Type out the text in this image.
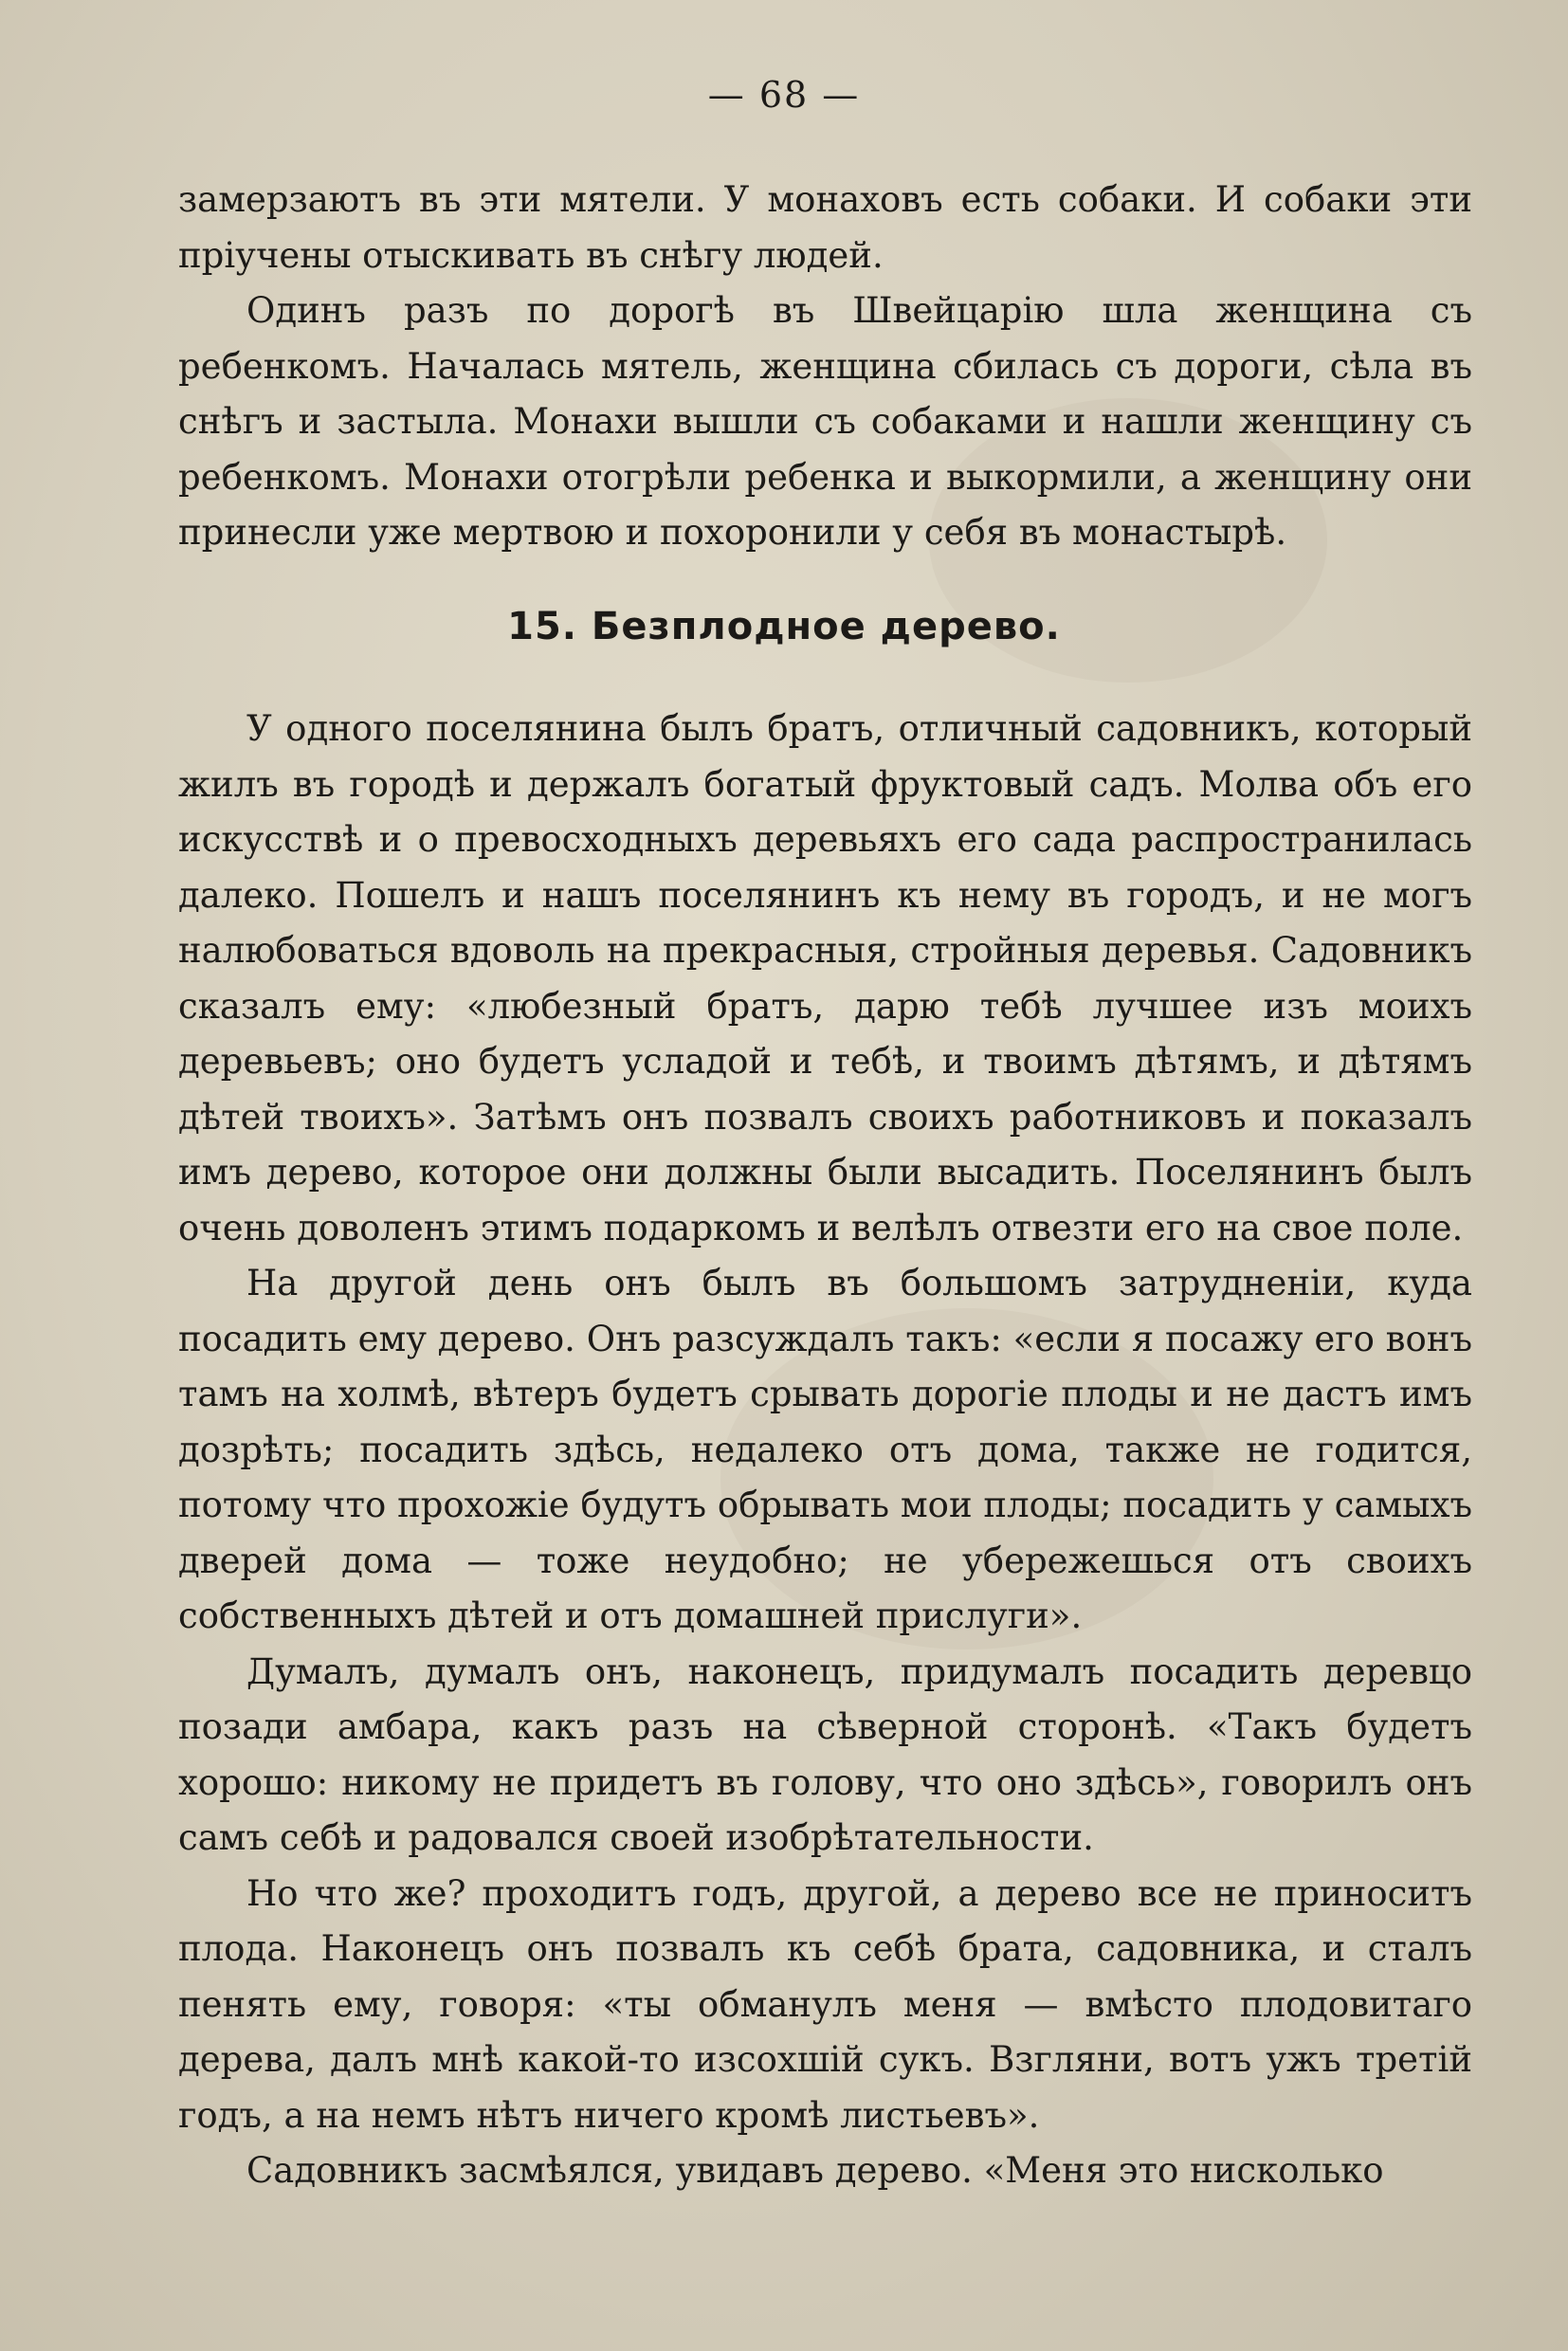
— 68 —

замерзаютъ въ эти мятели. У монаховъ есть собаки. И собаки эти пріучены отыскивать въ снѣгу людей.

Одинъ разъ по дорогѣ въ Швейцарію шла женщина съ ребенкомъ. Началась мятель, женщина сбилась съ дороги, сѣла въ снѣгъ и застыла. Монахи вышли съ собаками и нашли женщину съ ребенкомъ. Монахи отогрѣли ребенка и выкормили, а женщину они принесли уже мертвою и похоронили у себя въ монастырѣ.

15. Безплодное дерево.

У одного поселянина былъ братъ, отличный садовникъ, который жилъ въ городѣ и держалъ богатый фруктовый садъ. Молва объ его искусствѣ и о превосходныхъ деревьяхъ его сада распространилась далеко. Пошелъ и нашъ поселянинъ къ нему въ городъ, и не могъ налюбоваться вдоволь на прекрасныя, стройныя деревья. Садовникъ сказалъ ему: «любезный братъ, дарю тебѣ лучшее изъ моихъ деревьевъ; оно будетъ усладой и тебѣ, и твоимъ дѣтямъ, и дѣтямъ дѣтей твоихъ». Затѣмъ онъ позвалъ своихъ работниковъ и показалъ имъ дерево, которое они должны были высадить. Поселянинъ былъ очень доволенъ этимъ подаркомъ и велѣлъ отвезти его на свое поле.

На другой день онъ былъ въ большомъ затрудненіи, куда посадить ему дерево. Онъ разсуждалъ такъ: «если я посажу его вонъ тамъ на холмѣ, вѣтеръ будетъ срывать дорогіе плоды и не дастъ имъ дозрѣть; посадить здѣсь, недалеко отъ дома, также не годится, потому что прохожіе будутъ обрывать мои плоды; посадить у самыхъ дверей дома — тоже неудобно; не убережешься отъ своихъ собственныхъ дѣтей и отъ домашней прислуги».

Думалъ, думалъ онъ, наконецъ, придумалъ посадить деревцо позади амбара, какъ разъ на сѣверной сторонѣ. «Такъ будетъ хорошо: никому не придетъ въ голову, что оно здѣсь», говорилъ онъ самъ себѣ и радовался своей изобрѣтательности.

Но что же? проходитъ годъ, другой, а дерево все не приноситъ плода. Наконецъ онъ позвалъ къ себѣ брата, садовника, и сталъ пенять ему, говоря: «ты обманулъ меня — вмѣсто плодовитаго дерева, далъ мнѣ какой-то изсохшій сукъ. Взгляни, вотъ ужъ третій годъ, а на немъ нѣтъ ничего кромѣ листьевъ».

Садовникъ засмѣялся, увидавъ дерево. «Меня это нисколько
